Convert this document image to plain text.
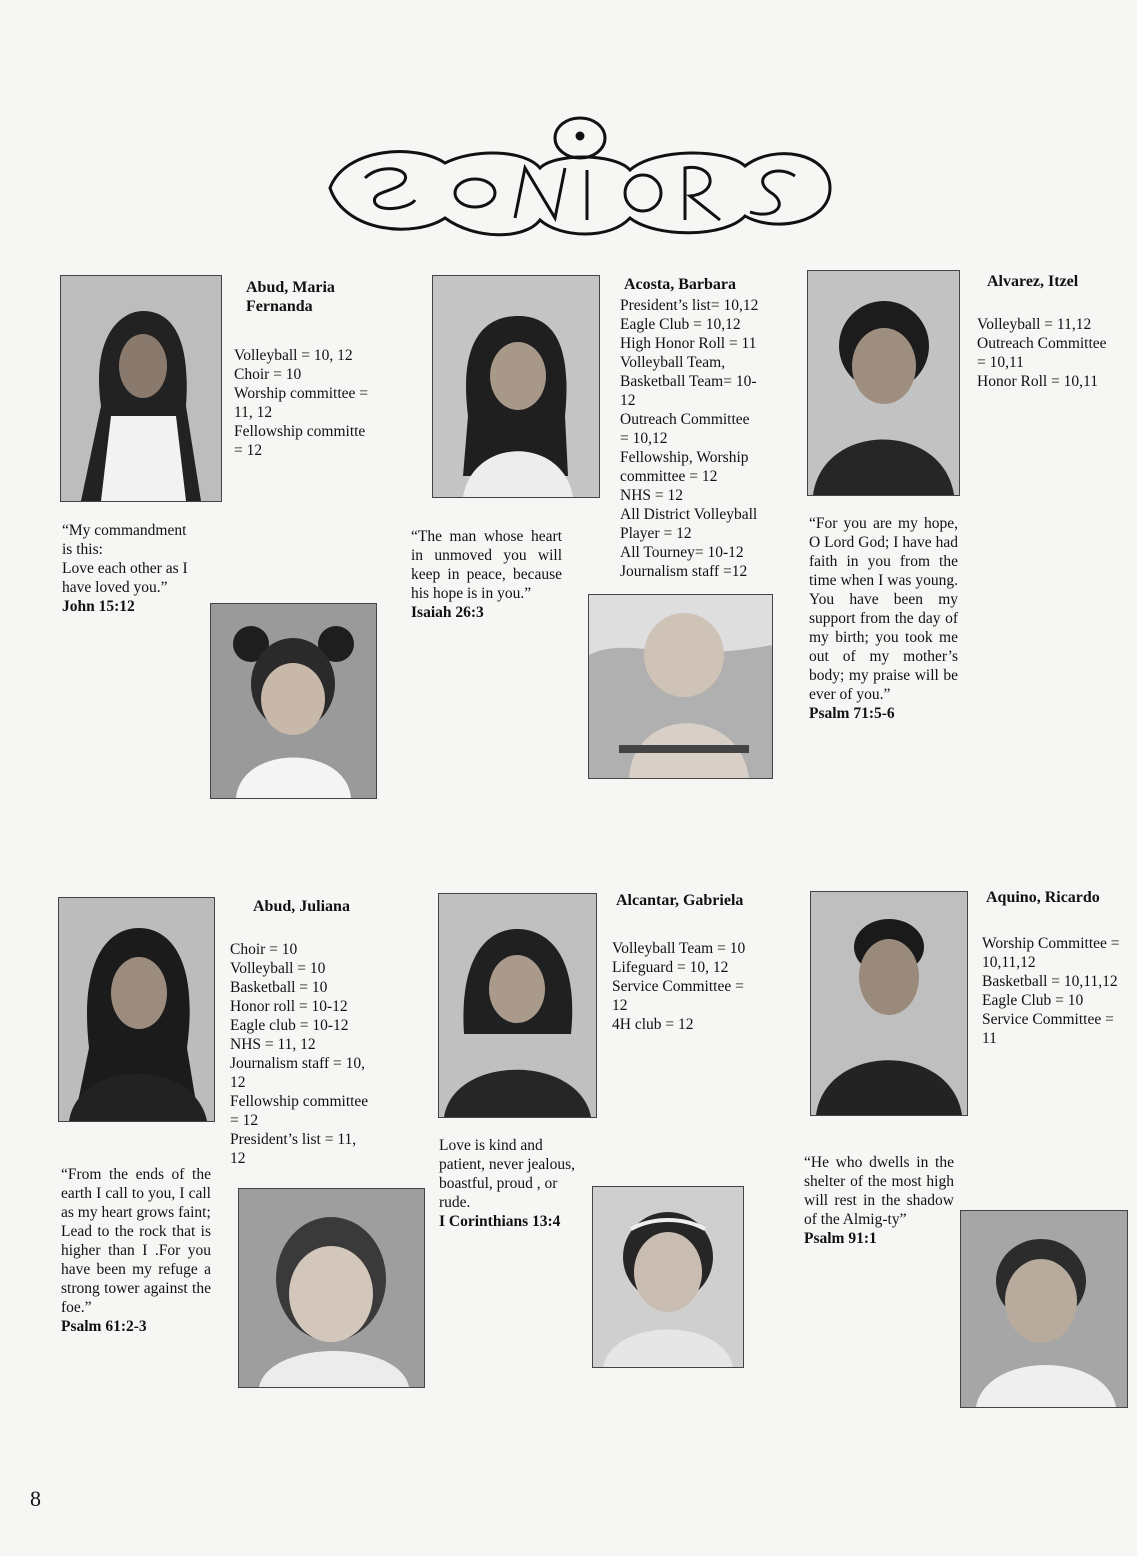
Seniors
Abud, Maria
Fernanda
Volleyball = 10, 12
Choir = 10
Worship committee =
11, 12
Fellowship committe
= 12
“My commandment
is this:
Love each other as I
have loved you.”
John 15:12
Acosta, Barbara
President’s list= 10,12
Eagle Club = 10,12
High Honor Roll = 11
Volleyball Team,
Basketball Team= 10-
12
Outreach Committee
= 10,12
Fellowship, Worship
committee = 12
NHS = 12
All District Volleyball
Player = 12
All Tourney= 10-12
Journalism staff =12
“The man whose heart in unmoved you will keep in peace, because his hope is in you.”
Isaiah 26:3
Alvarez, Itzel
Volleyball = 11,12
Outreach Committee
= 10,11
Honor Roll = 10,11
“For you are my hope, O Lord God; I have had faith in you from the time when I was young. You have been my support from the day of my birth; you took me out of my mother’s body; my praise will be ever of you.”
Psalm 71:5-6
Abud, Juliana
Choir = 10
Volleyball = 10
Basketball = 10
Honor roll = 10-12
Eagle club = 10-12
NHS = 11, 12
Journalism staff = 10,
12
Fellowship committee
= 12
President’s list = 11,
12
“From the ends of the earth I call to you, I call as my heart grows faint;
Lead to the rock that is higher than I .For you have been my refuge a strong tower against the foe.”
Psalm 61:2-3
Alcantar, Gabriela
Volleyball Team = 10
Lifeguard = 10, 12
Service Committee =
12
4H club = 12
Love is kind and
patient, never jealous,
boastful, proud , or
rude.
I Corinthians 13:4
Aquino, Ricardo
Worship Committee =
10,11,12
Basketball = 10,11,12
Eagle Club = 10
Service Committee =
11
“He who dwells in the shelter of the most high will rest in the shadow of the Almig-ty”
Psalm 91:1
8
